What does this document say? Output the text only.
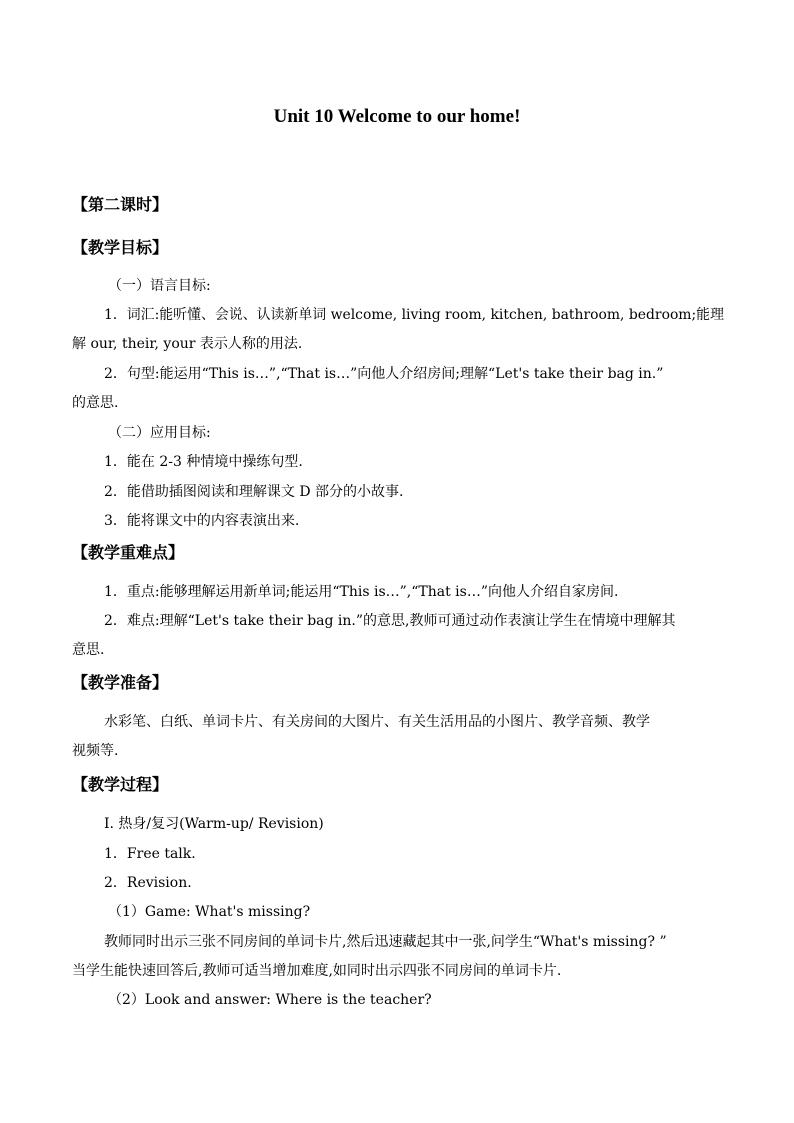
Unit 10 Welcome to our home!
【第二课时】
【教学目标】
（一）语言目标:
1．词汇:能听懂、会说、认读新单词 welcome, living room, kitchen, bathroom, bedroom;能理
解 our, their, your 表示人称的用法.
2．句型:能运用“This is…”,“That is…”向他人介绍房间;理解“Let's take their bag in.”
的意思.
（二）应用目标:
1．能在 2-3 种情境中操练句型.
2．能借助插图阅读和理解课文 D 部分的小故事.
3．能将课文中的内容表演出来.
【教学重难点】
1．重点:能够理解运用新单词;能运用“This is…”,“That is…”向他人介绍自家房间.
2．难点:理解“Let's take their bag in.”的意思,教师可通过动作表演让学生在情境中理解其
意思.
【教学准备】
水彩笔、白纸、单词卡片、有关房间的大图片、有关生活用品的小图片、教学音频、教学
视频等.
【教学过程】
I. 热身/复习(Warm-up/ Revision)
1．Free talk.
2．Revision.
（1）Game: What's missing?
教师同时出示三张不同房间的单词卡片,然后迅速藏起其中一张,问学生“What's missing? ”
当学生能快速回答后,教师可适当增加难度,如同时出示四张不同房间的单词卡片.
（2）Look and answer: Where is the teacher?
